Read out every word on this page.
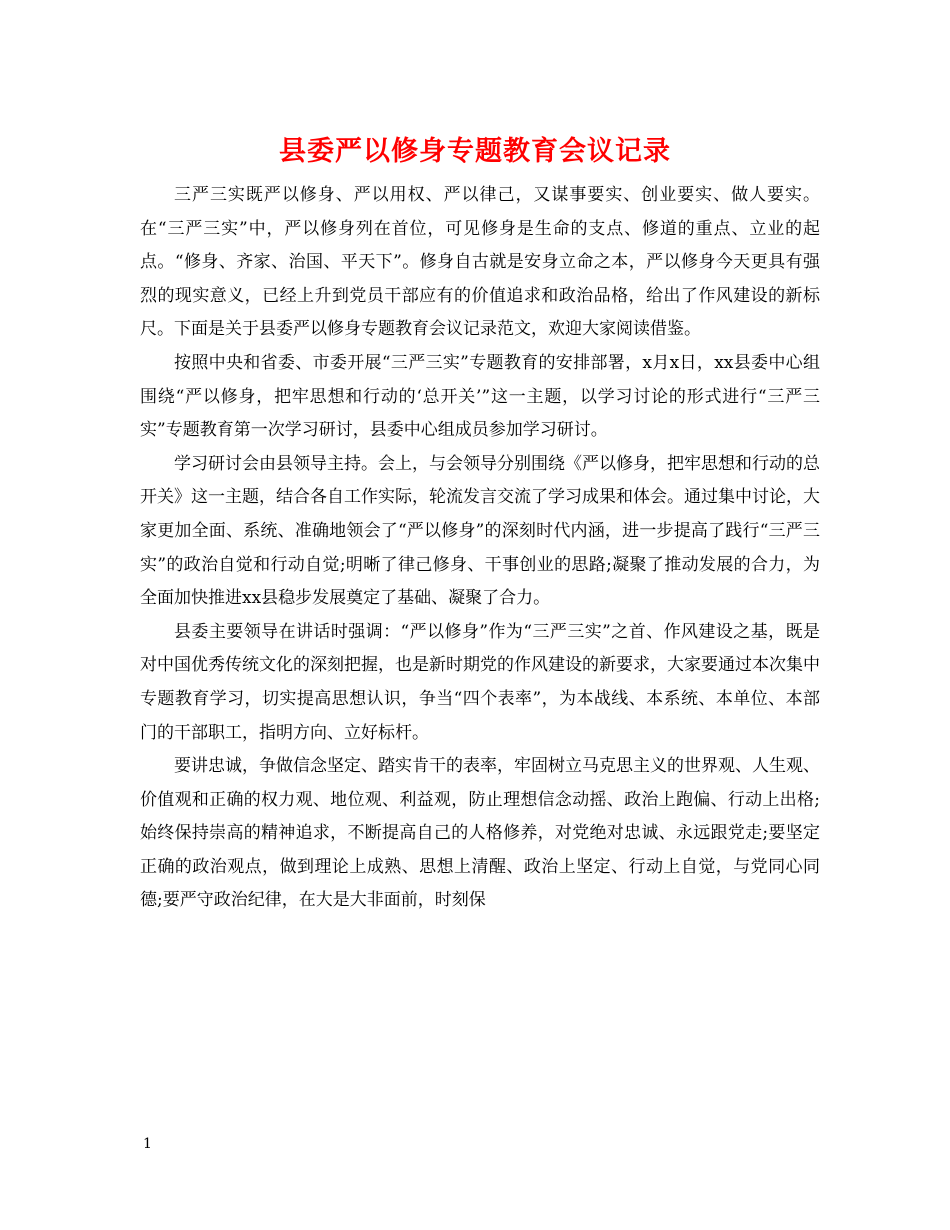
县委严以修身专题教育会议记录

三严三实既严以修身、严以用权、严以律己，又谋事要实、创业要实、做人要实。在“三严三实”中，严以修身列在首位，可见修身是生命的支点、修道的重点、立业的起点。“修身、齐家、治国、平天下”。修身自古就是安身立命之本，严以修身今天更具有强烈的现实意义，已经上升到党员干部应有的价值追求和政治品格，给出了作风建设的新标尺。下面是关于县委严以修身专题教育会议记录范文，欢迎大家阅读借鉴。

按照中央和省委、市委开展“三严三实”专题教育的安排部署，x月x日，xx县委中心组围绕“严以修身，把牢思想和行动的‘总开关’”这一主题，以学习讨论的形式进行“三严三实”专题教育第一次学习研讨，县委中心组成员参加学习研讨。

学习研讨会由县领导主持。会上，与会领导分别围绕《严以修身，把牢思想和行动的总开关》这一主题，结合各自工作实际，轮流发言交流了学习成果和体会。通过集中讨论，大家更加全面、系统、准确地领会了“严以修身”的深刻时代内涵，进一步提高了践行“三严三实”的政治自觉和行动自觉;明晰了律己修身、干事创业的思路;凝聚了推动发展的合力，为全面加快推进xx县稳步发展奠定了基础、凝聚了合力。

县委主要领导在讲话时强调：“严以修身”作为“三严三实”之首、作风建设之基，既是对中国优秀传统文化的深刻把握，也是新时期党的作风建设的新要求，大家要通过本次集中专题教育学习，切实提高思想认识，争当“四个表率”，为本战线、本系统、本单位、本部门的干部职工，指明方向、立好标杆。

要讲忠诚，争做信念坚定、踏实肯干的表率，牢固树立马克思主义的世界观、人生观、价值观和正确的权力观、地位观、利益观，防止理想信念动摇、政治上跑偏、行动上出格;始终保持崇高的精神追求，不断提高自己的人格修养，对党绝对忠诚、永远跟党走;要坚定正确的政治观点，做到理论上成熟、思想上清醒、政治上坚定、行动上自觉，与党同心同德;要严守政治纪律，在大是大非面前，时刻保

1
